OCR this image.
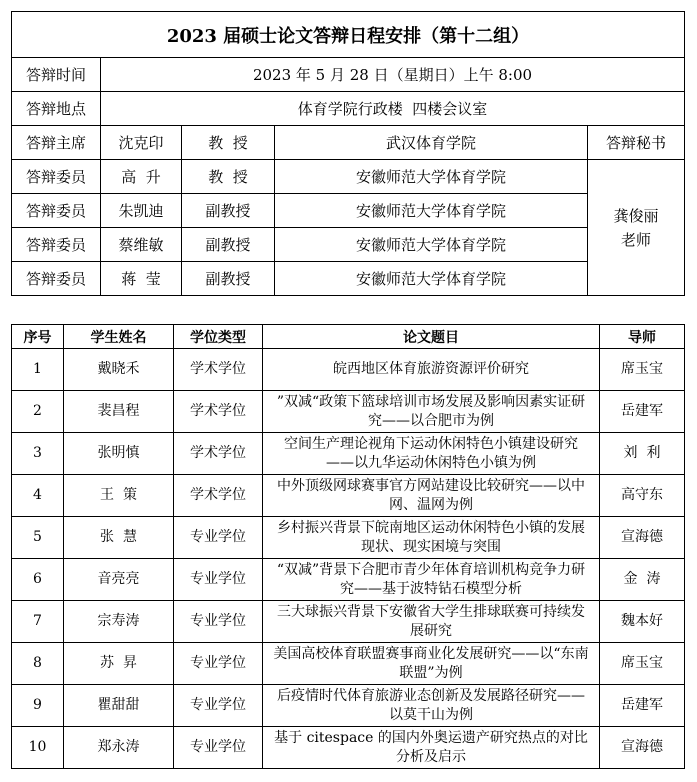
2023 届硕士论文答辩日程安排（第十二组）				
答辩时间	2023 年 5 月 28 日（星期日）上午 8:00			
答辩地点	体育学院行政楼  四楼会议室			
答辩主席	沈克印	教  授	武汉体育学院	答辩秘书
答辩委员	高  升	教  授	安徽师范大学体育学院	龚俊丽
老师
答辩委员	朱凯迪	副教授	安徽师范大学体育学院	
答辩委员	蔡维敏	副教授	安徽师范大学体育学院	
答辩委员	蒋  莹	副教授	安徽师范大学体育学院	
序号	学生姓名	学位类型	论文题目	导师
1	戴晓禾	学术学位	皖西地区体育旅游资源评价研究	席玉宝
2	裴昌程	学术学位	”双减“政策下篮球培训市场发展及影响因素实证研究——以合肥市为例	岳建军
3	张明慎	学术学位	空间生产理论视角下运动休闲特色小镇建设研究——以九华运动休闲特色小镇为例	刘  利
4	王  策	学术学位	中外顶级网球赛事官方网站建设比较研究——以中网、温网为例	高守东
5	张  慧	专业学位	乡村振兴背景下皖南地区运动休闲特色小镇的发展现状、现实困境与突围	宣海德
6	音亮亮	专业学位	“双减”背景下合肥市青少年体育培训机构竞争力研究——基于波特钻石模型分析	金  涛
7	宗寿涛	专业学位	三大球振兴背景下安徽省大学生排球联赛可持续发展研究	魏本好
8	苏  昇	专业学位	美国高校体育联盟赛事商业化发展研究——以“东南联盟”为例	席玉宝
9	瞿甜甜	专业学位	后疫情时代体育旅游业态创新及发展路径研究——以莫干山为例	岳建军
10	郑永涛	专业学位	基于 citespace 的国内外奥运遗产研究热点的对比分析及启示	宣海德
